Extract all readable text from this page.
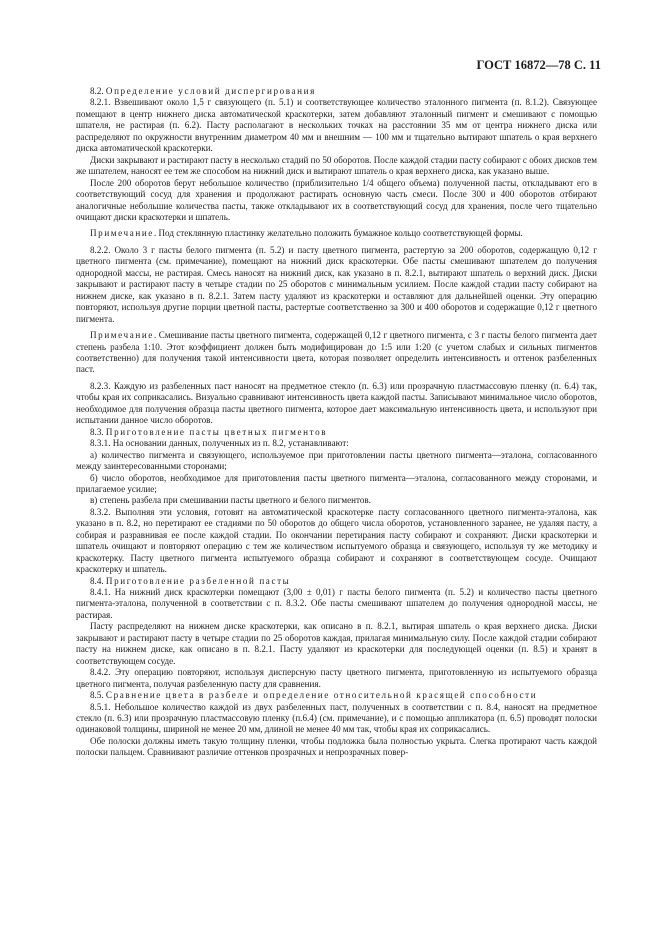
ГОСТ 16872—78 С. 11

8.2. Определение условий диспергирования

8.2.1. Взвешивают около 1,5 г связующего (п. 5.1) и соответствующее количество эталонного пигмента (п. 8.1.2). Связующее помещают в центр нижнего диска автоматической краскотерки, затем добавляют эталонный пигмент и смешивают с помощью шпателя, не растирая (п. 6.2). Пасту располагают в нескольких точках на расстоянии 35 мм от центра нижнего диска или распределяют по окружности внутренним диаметром 40 мм и внешним — 100 мм и тщательно вытирают шпатель о края верхнего диска автоматической краскотерки.

Диски закрывают и растирают пасту в несколько стадий по 50 оборотов. После каждой стадии пасту собирают с обоих дисков тем же шпателем, наносят ее тем же способом на нижний диск и вытирают шпатель о края верхнего диска, как указано выше.

После 200 оборотов берут небольшое количество (приблизительно 1/4 общего объема) полученной пасты, откладывают его в соответствующий сосуд для хранения и продолжают растирать основную часть смеси. После 300 и 400 оборотов отбирают аналогичные небольшие количества пасты, также откладывают их в соответствующий сосуд для хранения, после чего тщательно очищают диски краскотерки и шпатель.

Примечание. Под стеклянную пластинку желательно положить бумажное кольцо соответствующей формы.

8.2.2. Около 3 г пасты белого пигмента (п. 5.2) и пасту цветного пигмента, растертую за 200 оборотов, содержащую 0,12 г цветного пигмента (см. примечание), помещают на нижний диск краскотерки. Обе пасты смешивают шпателем до получения однородной массы, не растирая. Смесь наносят на нижний диск, как указано в п. 8.2.1, вытирают шпатель о верхний диск. Диски закрывают и растирают пасту в четыре стадии по 25 оборотов с минимальным усилием. После каждой стадии пасту собирают на нижнем диске, как указано в п. 8.2.1. Затем пасту удаляют из краскотерки и оставляют для дальнейшей оценки. Эту операцию повторяют, используя другие порции цветной пасты, растертые соответственно за 300 и 400 оборотов и содержащие 0,12 г цветного пигмента.

Примечание. Смешивание пасты цветного пигмента, содержащей 0,12 г цветного пигмента, с 3 г пасты белого пигмента дает степень разбела 1:10. Этот коэффициент должен быть модифицирован до 1:5 или 1:20 (с учетом слабых и сильных пигментов соответственно) для получения такой интенсивности цвета, которая позволяет определить интенсивность и оттенок разбеленных паст.

8.2.3. Каждую из разбеленных паст наносят на предметное стекло (п. 6.3) или прозрачную пластмассовую пленку (п. 6.4) так, чтобы края их соприкасались. Визуально сравнивают интенсивность цвета каждой пасты. Записывают минимальное число оборотов, необходимое для получения образца пасты цветного пигмента, которое дает максимальную интенсивность цвета, и используют при испытании данное число оборотов.

8.3. Приготовление пасты цветных пигментов

8.3.1. На основании данных, полученных из п. 8.2, устанавливают:

а) количество пигмента и связующего, используемое при приготовлении пасты цветного пигмента—эталона, согласованного между заинтересованными сторонами;

б) число оборотов, необходимое для приготовления пасты цветного пигмента—эталона, согласованного между сторонами, и прилагаемое усилие;

в) степень разбела при смешивании пасты цветного и белого пигментов.

8.3.2. Выполняя эти условия, готовят на автоматической краскотерке пасту согласованного цветного пигмента-эталона, как указано в п. 8.2, но перетирают ее стадиями по 50 оборотов до общего числа оборотов, установленного заранее, не удаляя пасту, а собирая и разравнивая ее после каждой стадии. По окончании перетирания пасту собирают и сохраняют. Диски краскотерки и шпатель очищают и повторяют операцию с тем же количеством испытуемого образца и связующего, используя ту же методику и краскотерку. Пасту цветного пигмента испытуемого образца собирают и сохраняют в соответствующем сосуде. Очищают краскотерку и шпатель.

8.4. Приготовление разбеленной пасты

8.4.1. На нижний диск краскотерки помещают (3,00 ± 0,01) г пасты белого пигмента (п. 5.2) и количество пасты цветного пигмента-эталона, полученной в соответствии с п. 8.3.2. Обе пасты смешивают шпателем до получения однородной массы, не растирая.

Пасту распределяют на нижнем диске краскотерки, как описано в п. 8.2.1, вытирая шпатель о края верхнего диска. Диски закрывают и растирают пасту в четыре стадии по 25 оборотов каждая, прилагая минимальную силу. После каждой стадии собирают пасту на нижнем диске, как описано в п. 8.2.1. Пасту удаляют из краскотерки для последующей оценки (п. 8.5) и хранят в соответствующем сосуде.

8.4.2. Эту операцию повторяют, используя дисперсную пасту цветного пигмента, приготовленную из испытуемого образца цветного пигмента, получая разбеленную пасту для сравнения.

8.5. Сравнение цвета в разбеле и определение относительной красящей способности

8.5.1. Небольшое количество каждой из двух разбеленных паст, полученных в соответствии с п. 8.4, наносят на предметное стекло (п. 6.3) или прозрачную пластмассовую пленку (п.6.4) (см. примечание), и с помощью аппликатора (п. 6.5) проводят полоски одинаковой толщины, шириной не менее 20 мм, длиной не менее 40 мм так, чтобы края их соприкасались.

Обе полоски должны иметь такую толщину пленки, чтобы подложка была полностью укрыта. Слегка протирают часть каждой полоски пальцем. Сравнивают различие оттенков прозрачных и непрозрачных повер-
